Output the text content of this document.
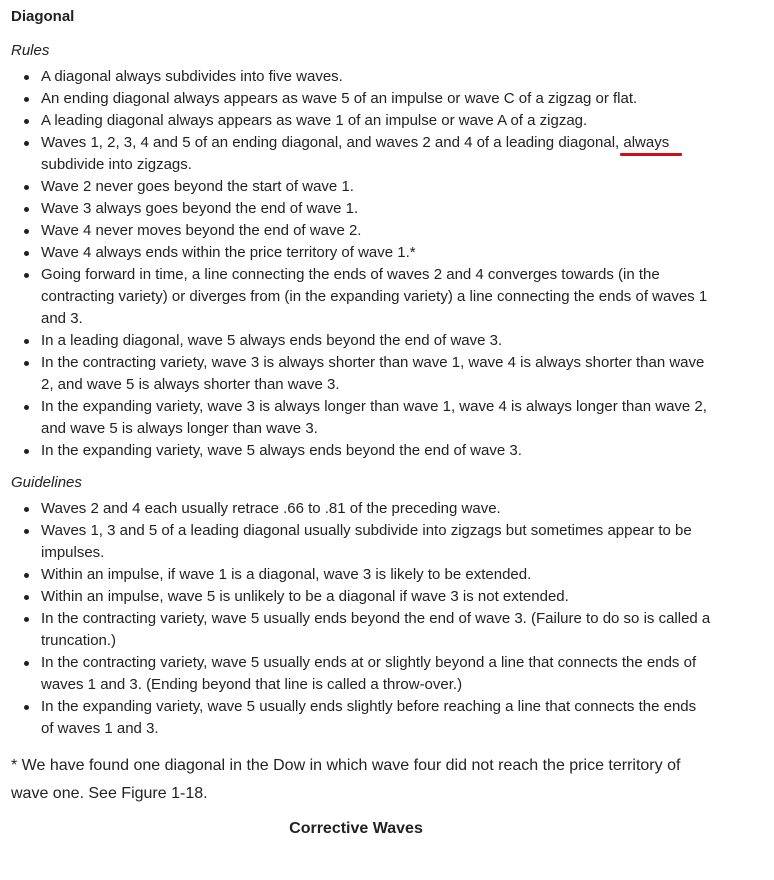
Diagonal
Rules
A diagonal always subdivides into five waves.
An ending diagonal always appears as wave 5 of an impulse or wave C of a zigzag or flat.
A leading diagonal always appears as wave 1 of an impulse or wave A of a zigzag.
Waves 1, 2, 3, 4 and 5 of an ending diagonal, and waves 2 and 4 of a leading diagonal, always
subdivide into zigzags.
Wave 2 never goes beyond the start of wave 1.
Wave 3 always goes beyond the end of wave 1.
Wave 4 never moves beyond the end of wave 2.
Wave 4 always ends within the price territory of wave 1.*
Going forward in time, a line connecting the ends of waves 2 and 4 converges towards (in the contracting variety) or diverges from (in the expanding variety) a line connecting the ends of waves 1 and 3.
In a leading diagonal, wave 5 always ends beyond the end of wave 3.
In the contracting variety, wave 3 is always shorter than wave 1, wave 4 is always shorter than wave 2, and wave 5 is always shorter than wave 3.
In the expanding variety, wave 3 is always longer than wave 1, wave 4 is always longer than wave 2, and wave 5 is always longer than wave 3.
In the expanding variety, wave 5 always ends beyond the end of wave 3.
Guidelines
Waves 2 and 4 each usually retrace .66 to .81 of the preceding wave.
Waves 1, 3 and 5 of a leading diagonal usually subdivide into zigzags but sometimes appear to be impulses.
Within an impulse, if wave 1 is a diagonal, wave 3 is likely to be extended.
Within an impulse, wave 5 is unlikely to be a diagonal if wave 3 is not extended.
In the contracting variety, wave 5 usually ends beyond the end of wave 3. (Failure to do so is called a truncation.)
In the contracting variety, wave 5 usually ends at or slightly beyond a line that connects the ends of waves 1 and 3. (Ending beyond that line is called a throw-over.)
In the expanding variety, wave 5 usually ends slightly before reaching a line that connects the ends of waves 1 and 3.
* We have found one diagonal in the Dow in which wave four did not reach the price territory of wave one. See Figure 1-18.
Corrective Waves
